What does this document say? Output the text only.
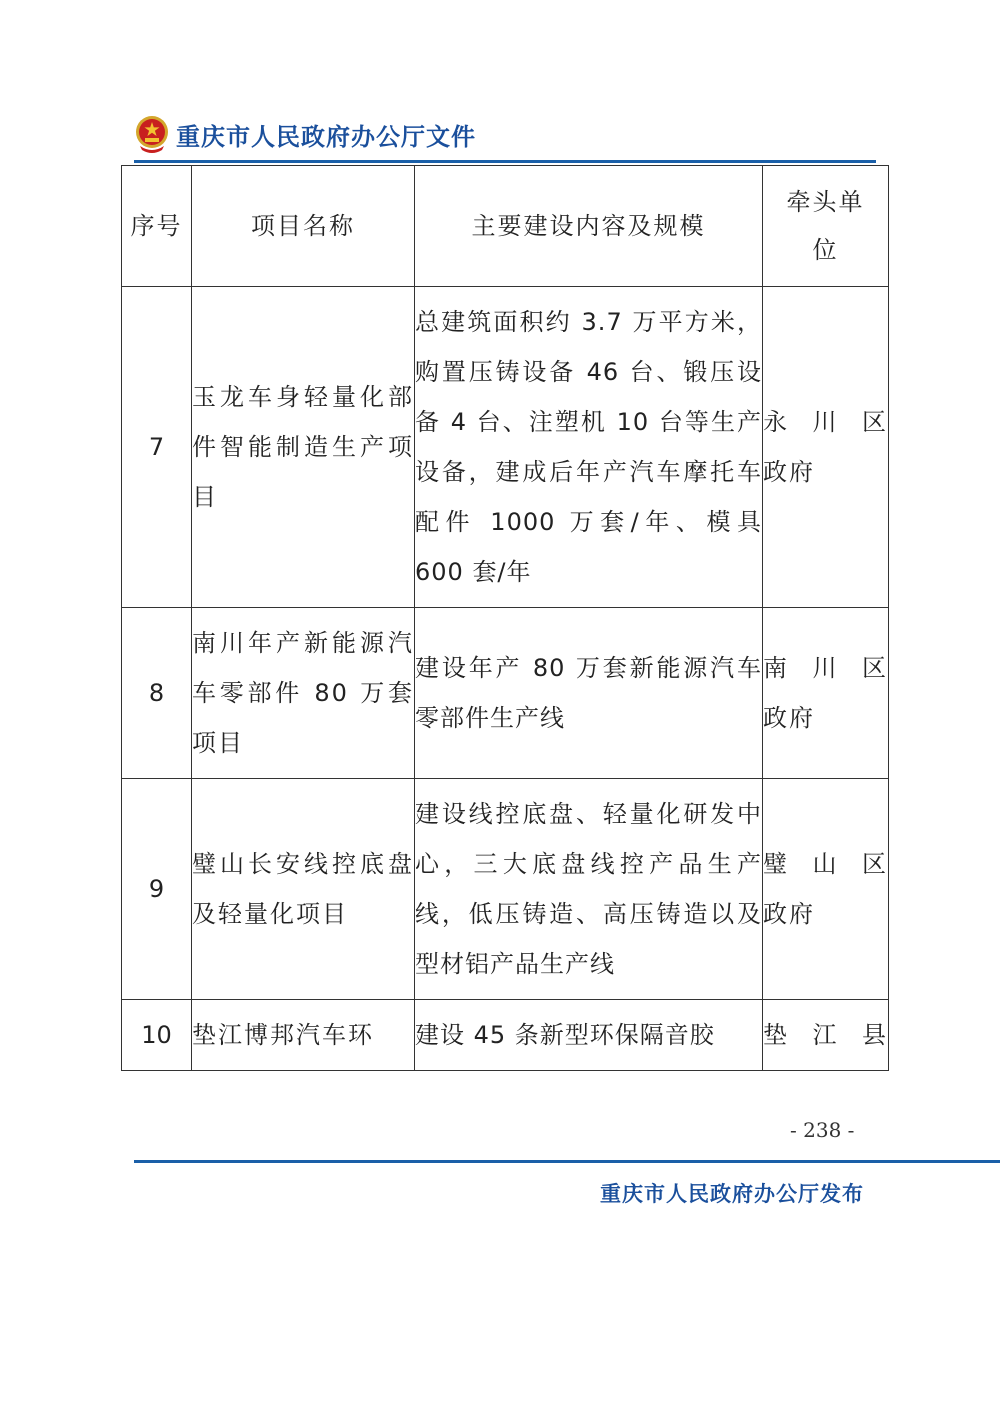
重庆市人民政府办公厅文件
序号	项目名称	主要建设内容及规模	牵头单位

7	玉龙车身轻量化部件智能制造生产项目	总建筑面积约 3.7 万平方米，购置压铸设备 46 台、锻压设备 4 台、注塑机 10 台等生产设备，建成后年产汽车摩托车配件 1000 万套/年、模具 600 套/年	永川区
政府

8	南川年产新能源汽车零部件 80 万套项目	建设年产 80 万套新能源汽车零部件生产线	南川区
政府

9	璧山长安线控底盘及轻量化项目	建设线控底盘、轻量化研发中心，三大底盘线控产品生产线，低压铸造、高压铸造以及型材铝产品生产线	璧山区
政府

10	垫江博邦汽车环	建设 45 条新型环保隔音胶	垫江县
- 238 -
重庆市人民政府办公厅发布
